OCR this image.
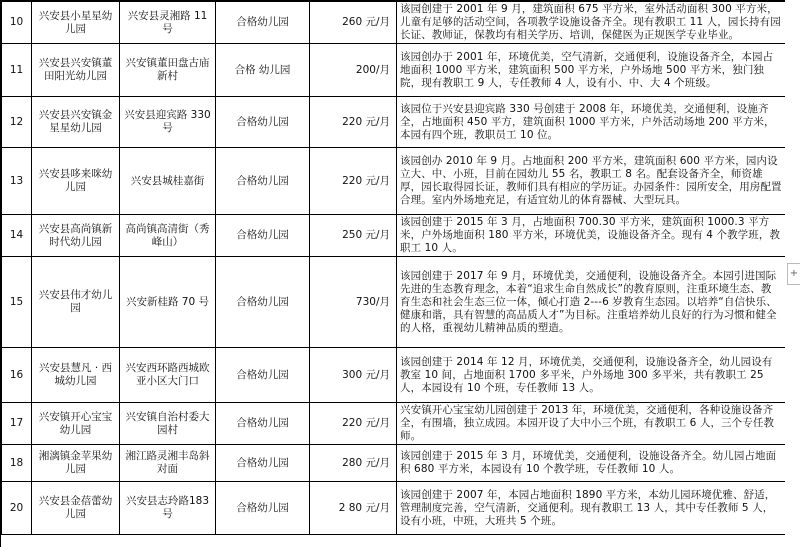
10	兴安县小星星幼儿园	兴安县灵湘路 11 号	合格幼儿园	260 元/月	该园创建于 2001 年 9 月，建筑面积 675 平方米，室外活动面积 300 平方米，儿童有足够的活动空间，各项教学设施设备齐全。现有教职工 11 人，园长持有园长证、教师证，保教均有相关学历、培训，保健医为正规医学专业毕业。
11	兴安县兴安镇董田阳光幼儿园	兴安镇董田盘古庙新村	合格 幼儿园	200/月	该园创办于 2001 年，环境优美，空气清新，交通便利，设施设备齐全，本园占地面积 1000 平方米，建筑面积 500 平方米，户外场地 500 平方米，独门独院，现有教职工 9 人，专任教师 4 人，设有小、中、大 4 个班级。
12	兴安县兴安镇金星星幼儿园	兴安县迎宾路 330 号	合格幼儿园	220 元/月	该园位于兴安县迎宾路 330 号创建于 2008 年，环境优美，交通便利，设施齐全，占地面积 450 平方，建筑面积 1000 平方米，户外活动场地 200 平方米，本园有四个班，教职员工 10 位。
13	兴安县哆来咪幼儿园	兴安县城桂嘉街	合格幼儿园	220 元/月	该园创办 2010 年 9 月。占地面积 200 平方米，建筑面积 600 平方米，园内设立大、中、小班，目前在园幼儿 55 名，教职工 8 名。配套设备齐全，师资雄厚，园长取得园长证，教师们具有相应的学历证。办园条件：园所安全，用房配置合理。室内外场地充足，有适宜幼儿的体育器械、大型玩具。
14	兴安县高尚镇新时代幼儿园	高尚镇高清街（秀峰山）	合格幼儿园	250 元/月	该园创建于 2015 年 3 月，占地面积 700.30 平方米，建筑面积 1000.3 平方米，户外场地面积 180 平方米，环境优美，设施设备齐全。现有 4 个教学班，教职工 10 人。
15	兴安县伟才幼儿园	兴安新桂路 70 号	合格幼儿园	730/月	该园创建于 2017 年 9 月，环境优美，交通便利，设施设备齐全。本园引进国际先进的生态教育理念，本着“追求生命自然成长”的教育原则，注重环境生态、教育生态和社会生态三位一体，倾心打造 2---6 岁教育生态园。以培养“自信快乐、健康和谐，具有智慧的高品质人才”为目标。注重培养幼儿良好的行为习惯和健全的人格，重视幼儿精神品质的塑造。
16	兴安县慧凡 · 西城幼儿园	兴安西环路西城欧亚小区大门口	合格幼儿园	300 元/月	该园创建于 2014 年 12 月，环境优美，交通便利，设施设备齐全，幼儿园设有教室 10 间，占地面积 1700 多平米，户外场地 300 多平米，共有教职工 25 人，本园设有 10 个班，专任教师 13 人。
17	兴安镇开心宝宝幼儿园	兴安镇自治村委大园村	合格幼儿园	220 元/月	兴安镇开心宝宝幼儿园创建于 2013 年，环境优美，交通便利，各种设施设备齐全，有围墙，独立成园。本园开设了大中小三个班，有教职工 6 人，三个专任教师。
18	湘漓镇金苹果幼儿园	湘江路灵湘丰岛斜对面	合格幼儿园	280 元/月	该园创建于 2015 年 3 月，环境优美，交通便利，设施设备齐全。幼儿园占地面积 680 平方米，本园设有 10 个教学班，专任教师 10 人。
20	兴安县金蓓蕾幼儿园	兴安县志玲路183 号	合格幼儿园	2 80 元/月	该园创建于 2007 年，本园占地面积 1890 平方米，本幼儿园环境优雅、舒适，管理制度完善，空气清新，交通便利。现有教职工 13 人，其中专任教师 5 人，设有小班，中班，大班共 5 个班。
+
